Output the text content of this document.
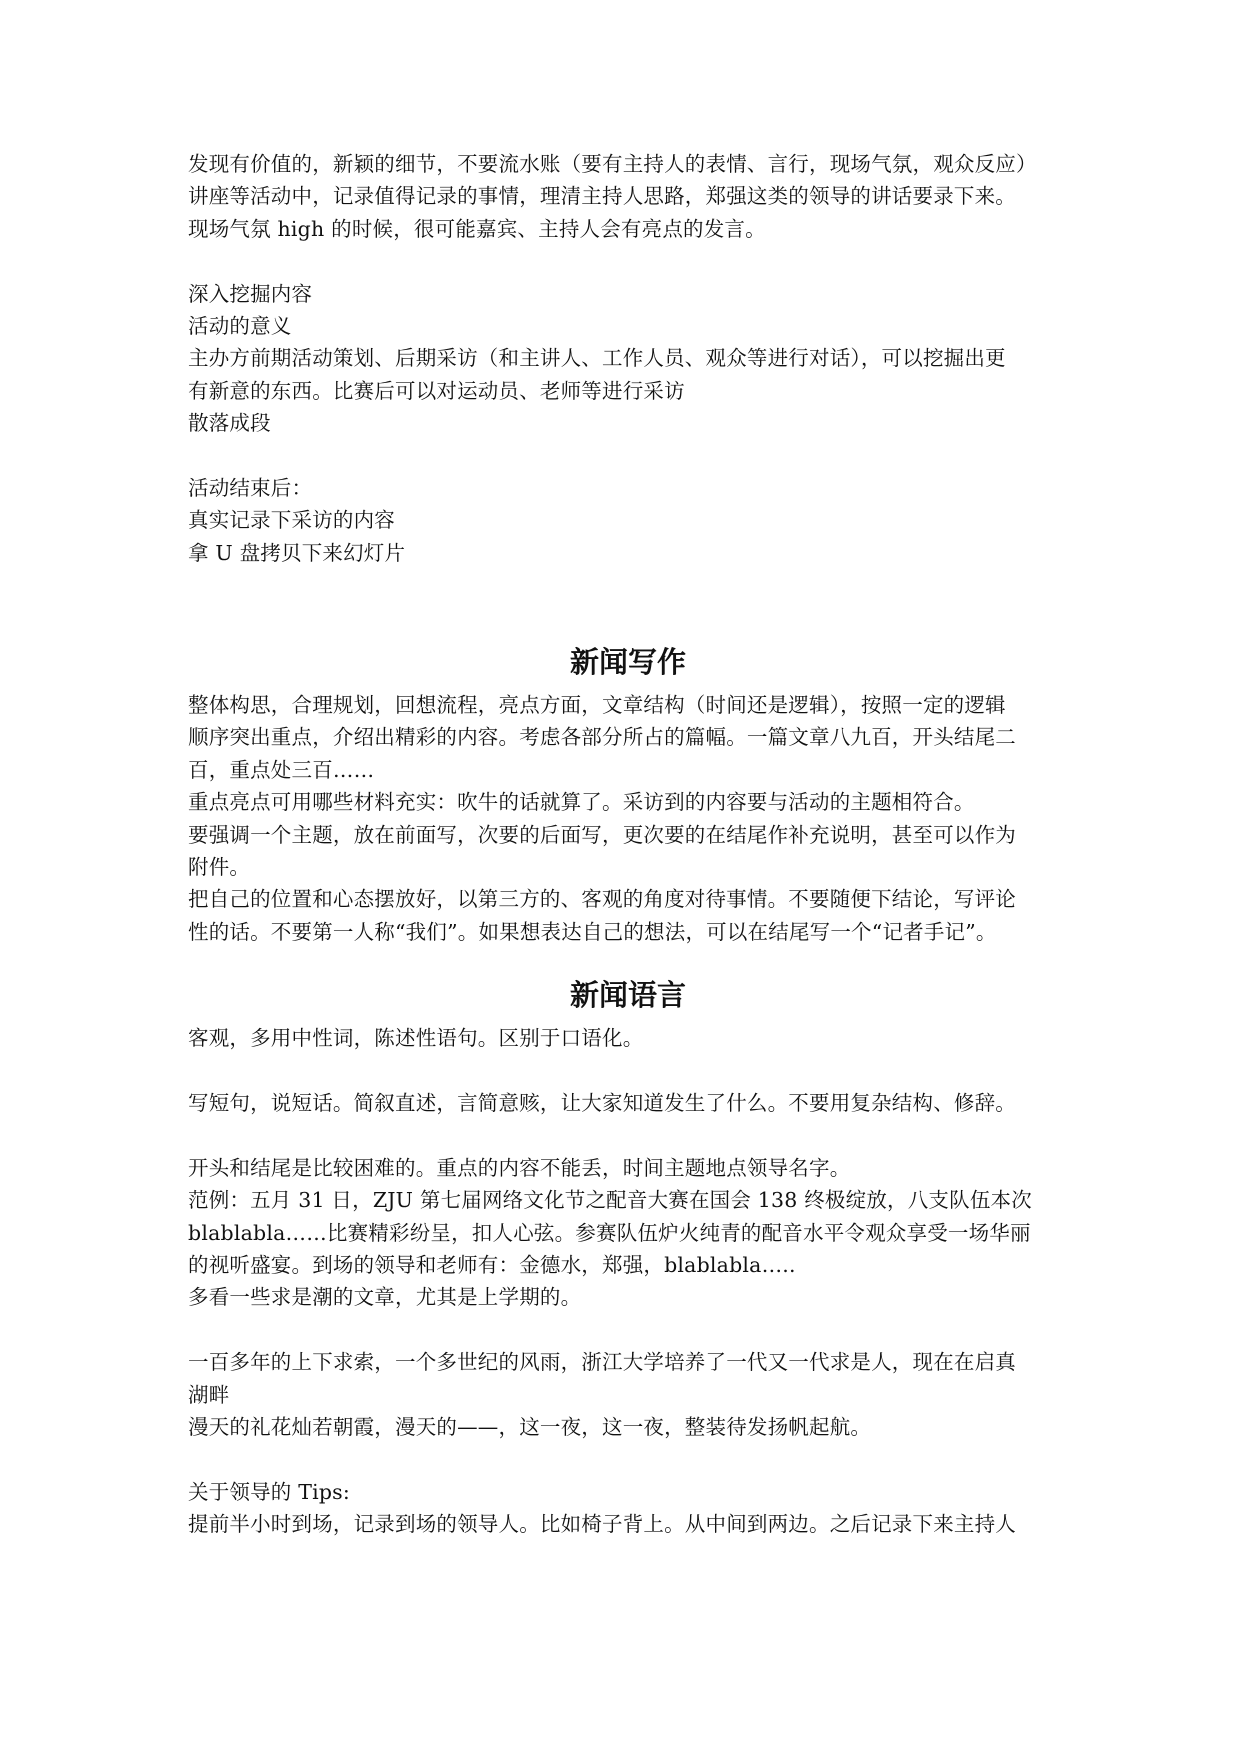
发现有价值的，新颖的细节，不要流水账（要有主持人的表情、言行，现场气氛，观众反应）
讲座等活动中，记录值得记录的事情，理清主持人思路，郑强这类的领导的讲话要录下来。
现场气氛 high 的时候，很可能嘉宾、主持人会有亮点的发言。
深入挖掘内容
活动的意义
主办方前期活动策划、后期采访（和主讲人、工作人员、观众等进行对话），可以挖掘出更
有新意的东西。比赛后可以对运动员、老师等进行采访
散落成段
活动结束后：
真实记录下采访的内容
拿 U 盘拷贝下来幻灯片
新闻写作
整体构思，合理规划，回想流程，亮点方面，文章结构（时间还是逻辑），按照一定的逻辑
顺序突出重点，介绍出精彩的内容。考虑各部分所占的篇幅。一篇文章八九百，开头结尾二
百，重点处三百……
重点亮点可用哪些材料充实：吹牛的话就算了。采访到的内容要与活动的主题相符合。
要强调一个主题，放在前面写，次要的后面写，更次要的在结尾作补充说明，甚至可以作为
附件。
把自己的位置和心态摆放好，以第三方的、客观的角度对待事情。不要随便下结论，写评论
性的话。不要第一人称“我们”。如果想表达自己的想法，可以在结尾写一个“记者手记”。
新闻语言
客观，多用中性词，陈述性语句。区别于口语化。
写短句，说短话。简叙直述，言简意赅，让大家知道发生了什么。不要用复杂结构、修辞。
开头和结尾是比较困难的。重点的内容不能丢，时间主题地点领导名字。
范例：五月 31 日，ZJU 第七届网络文化节之配音大赛在国会 138 终极绽放，八支队伍本次
blablabla……比赛精彩纷呈，扣人心弦。参赛队伍炉火纯青的配音水平令观众享受一场华丽
的视听盛宴。到场的领导和老师有：金德水，郑强，blablabla…..
多看一些求是潮的文章，尤其是上学期的。
一百多年的上下求索，一个多世纪的风雨，浙江大学培养了一代又一代求是人，现在在启真
湖畔
漫天的礼花灿若朝霞，漫天的——，这一夜，这一夜，整装待发扬帆起航。
关于领导的 Tips:
提前半小时到场，记录到场的领导人。比如椅子背上。从中间到两边。之后记录下来主持人
